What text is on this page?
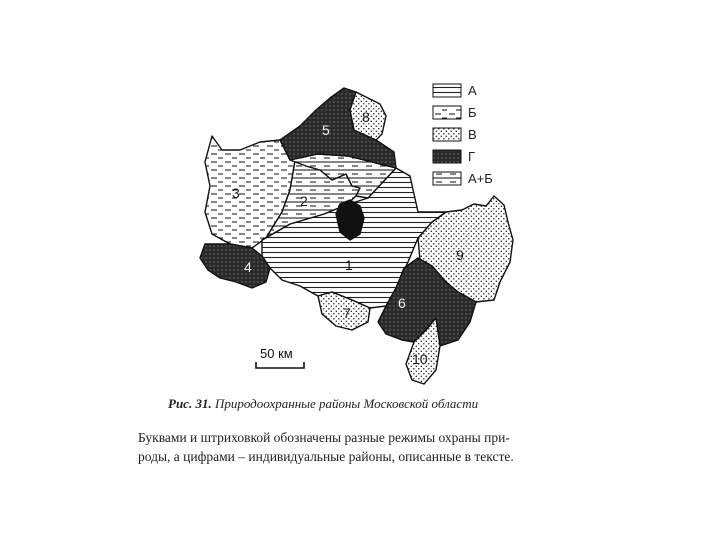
1
2
3
4
5
6
7
8
9
10
А
Б
В
Г
А+Б
50 км
Рис. 31. Природоохранные районы Московской области
Буквами и штриховкой обозначены разные режимы охраны при-
роды, а цифрами – индивидуальные районы, описанные в тексте.
